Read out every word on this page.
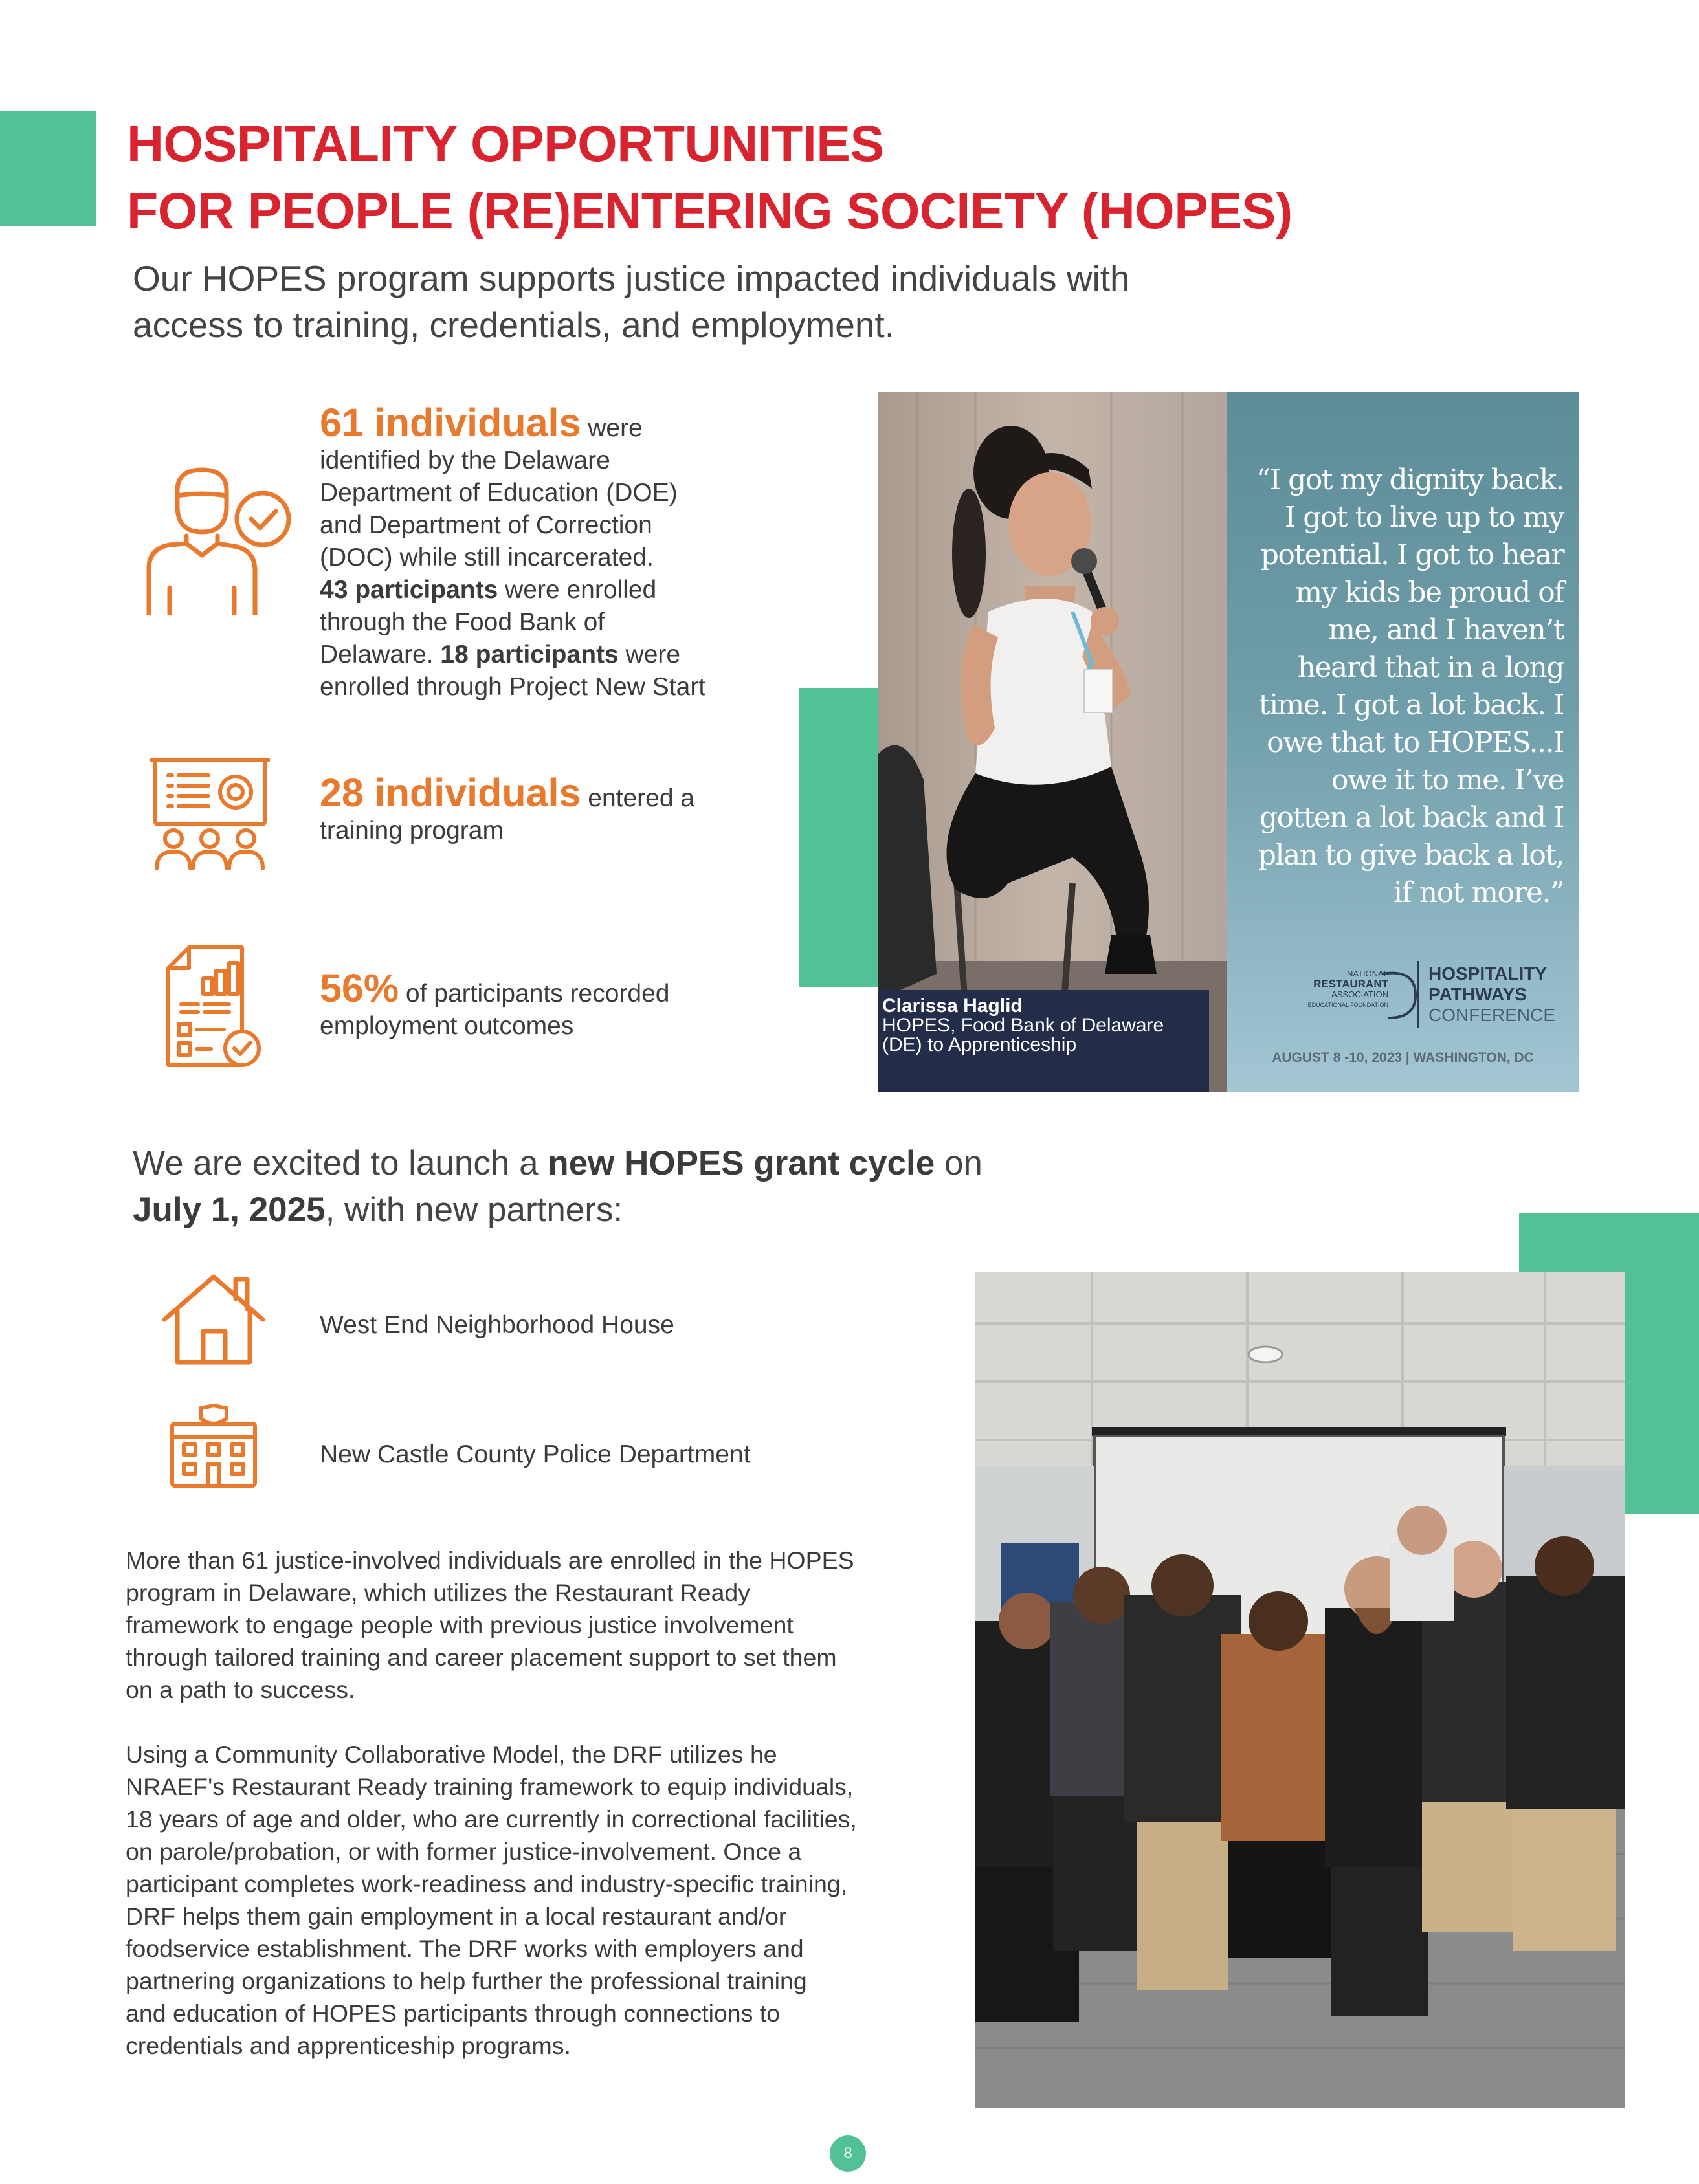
HOSPITALITY OPPORTUNITIES
FOR PEOPLE (RE)ENTERING SOCIETY (HOPES)

Our HOPES program supports justice impacted individuals with
access to training, credentials, and employment.

61 individuals were
identified by the Delaware
Department of Education (DOE)
and Department of Correction
(DOC) while still incarcerated.
43 participants were enrolled
through the Food Bank of
Delaware. 18 participants were
enrolled through Project New Start
28 individuals entered a
training program
56% of participants recorded
employment outcomes
Clarissa Haglid
HOPES, Food Bank of Delaware
(DE) to Apprenticeship

“I got my dignity back.
I got to live up to my
potential. I got to hear
my kids be proud of
me, and I haven’t
heard that in a long
time. I got a lot back. I
owe that to HOPES...I
owe it to me. I’ve
gotten a lot back and I
plan to give back a lot,
if not more.”

NATIONAL
RESTAURANT
ASSOCIATION
EDUCATIONAL FOUNDATION
HOSPITALITY
PATHWAYS
CONFERENCE
AUGUST 8 -10, 2023 | WASHINGTON, DC

We are excited to launch a new HOPES grant cycle on
July 1, 2025, with new partners:

West End Neighborhood House
New Castle County Police Department

More than 61 justice-involved individuals are enrolled in the HOPES
program in Delaware, which utilizes the Restaurant Ready
framework to engage people with previous justice involvement
through tailored training and career placement support to set them
on a path to success.

Using a Community Collaborative Model, the DRF utilizes he
NRAEF's Restaurant Ready training framework to equip individuals,
18 years of age and older, who are currently in correctional facilities,
on parole/probation, or with former justice-involvement. Once a
participant completes work-readiness and industry-specific training,
DRF helps them gain employment in a local restaurant and/or
foodservice establishment. The DRF works with employers and
partnering organizations to help further the professional training
and education of HOPES participants through connections to
credentials and apprenticeship programs.

8
